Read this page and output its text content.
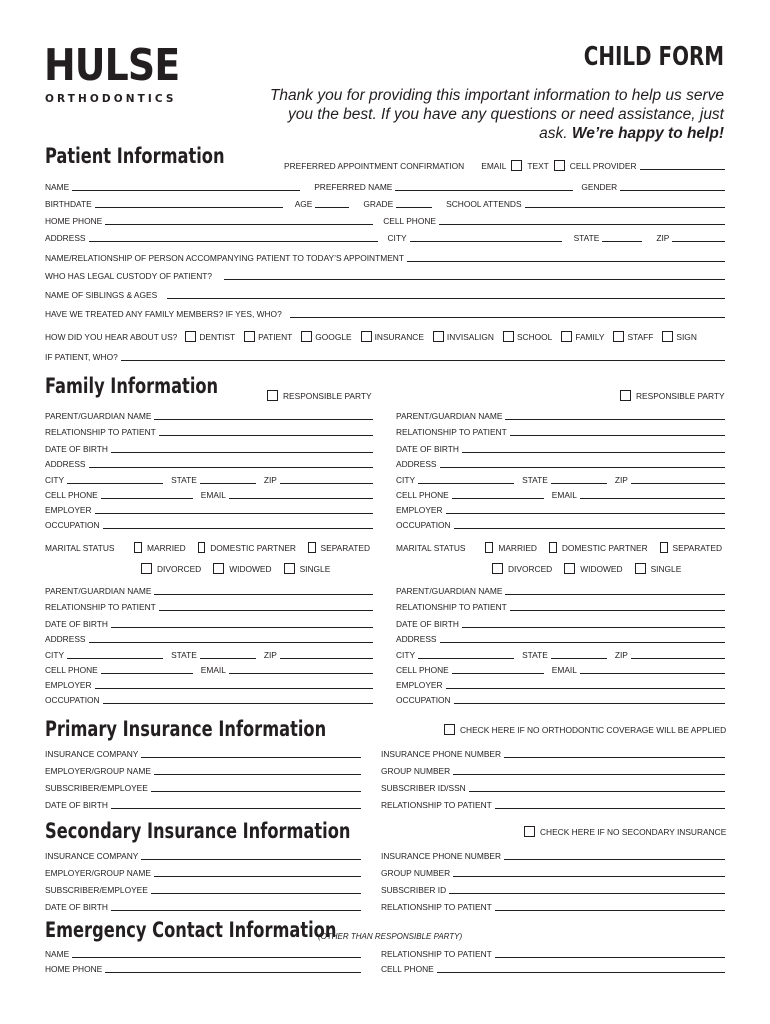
HULSE
ORTHODONTICS
CHILD FORM
Thank you for providing this important information to help us serve you the best. If you have any questions or need assistance, just ask. We’re happy to help!
Patient Information	PREFERRED APPOINTMENT CONFIRMATION	EMAIL	TEXT	CELL PROVIDER
NAME	PREFERRED NAME	GENDER
BIRTHDATE	AGE	GRADE	SCHOOL ATTENDS
HOME PHONE	CELL PHONE
ADDRESS	CITY	STATE	ZIP
NAME/RELATIONSHIP OF PERSON ACCOMPANYING PATIENT TO TODAY’S APPOINTMENT
WHO HAS LEGAL CUSTODY OF PATIENT?
NAME OF SIBLINGS & AGES
HAVE WE TREATED ANY FAMILY MEMBERS? IF YES, WHO?
HOW DID YOU HEAR ABOUT US?	DENTIST	PATIENT	GOOGLE	INSURANCE	INVISALIGN	SCHOOL	FAMILY	STAFF	SIGN
IF PATIENT, WHO?
Family Information	RESPONSIBLE PARTY	RESPONSIBLE PARTY
PARENT/GUARDIAN NAME
RELATIONSHIP TO PATIENT
DATE OF BIRTH
ADDRESS
CITY	STATE	ZIP
CELL PHONE	EMAIL
EMPLOYER
OCCUPATION
MARITAL STATUS	MARRIED	DOMESTIC PARTNER	SEPARATED
DIVORCED	WIDOWED	SINGLE
PARENT/GUARDIAN NAME
RELATIONSHIP TO PATIENT
DATE OF BIRTH
ADDRESS
CITY	STATE	ZIP
CELL PHONE	EMAIL
EMPLOYER
OCCUPATION
MARITAL STATUS	MARRIED	DOMESTIC PARTNER	SEPARATED
DIVORCED	WIDOWED	SINGLE
PARENT/GUARDIAN NAME
RELATIONSHIP TO PATIENT
DATE OF BIRTH
ADDRESS
CITY	STATE	ZIP
CELL PHONE	EMAIL
EMPLOYER
OCCUPATION
PARENT/GUARDIAN NAME
RELATIONSHIP TO PATIENT
DATE OF BIRTH
ADDRESS
CITY	STATE	ZIP
CELL PHONE	EMAIL
EMPLOYER
OCCUPATION
Primary Insurance Information	CHECK HERE IF NO ORTHODONTIC COVERAGE WILL BE APPLIED
INSURANCE COMPANY	INSURANCE PHONE NUMBER
EMPLOYER/GROUP NAME	GROUP NUMBER
SUBSCRIBER/EMPLOYEE	SUBSCRIBER ID/SSN
DATE OF BIRTH	RELATIONSHIP TO PATIENT
Secondary Insurance Information	CHECK HERE IF NO SECONDARY INSURANCE
INSURANCE COMPANY	INSURANCE PHONE NUMBER
EMPLOYER/GROUP NAME	GROUP NUMBER
SUBSCRIBER/EMPLOYEE	SUBSCRIBER ID
DATE OF BIRTH	RELATIONSHIP TO PATIENT
Emergency Contact Information
(OTHER THAN RESPONSIBLE PARTY)
NAME	RELATIONSHIP TO PATIENT
HOME PHONE	CELL PHONE
